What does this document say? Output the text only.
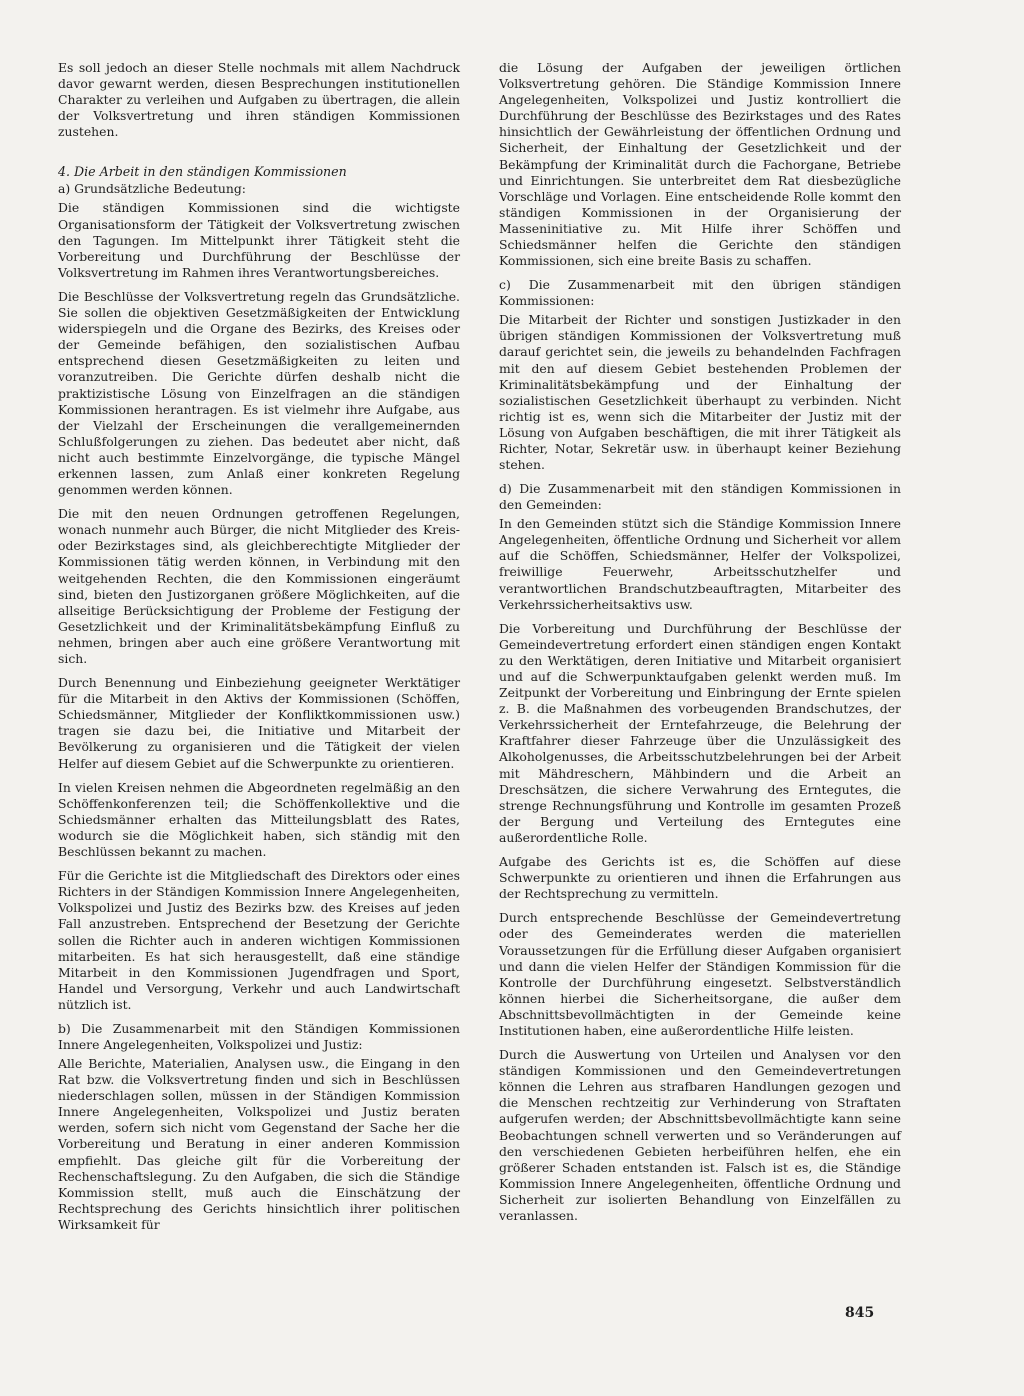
Es soll jedoch an dieser Stelle nochmals mit allem Nachdruck davor gewarnt werden, diesen Besprechungen institutionellen Charakter zu verleihen und Aufgaben zu übertragen, die allein der Volksvertretung und ihren ständigen Kommissionen zustehen.

4. Die Arbeit in den ständigen Kommissionen

a) Grundsätzliche Bedeutung:

Die ständigen Kommissionen sind die wichtigste Organisationsform der Tätigkeit der Volksvertretung zwischen den Tagungen. Im Mittelpunkt ihrer Tätigkeit steht die Vorbereitung und Durchführung der Beschlüsse der Volksvertretung im Rahmen ihres Verantwortungsbereiches.

Die Beschlüsse der Volksvertretung regeln das Grundsätzliche. Sie sollen die objektiven Gesetzmäßigkeiten der Entwicklung widerspiegeln und die Organe des Bezirks, des Kreises oder der Gemeinde befähigen, den sozialistischen Aufbau entsprechend diesen Gesetzmäßigkeiten zu leiten und voranzutreiben. Die Gerichte dürfen deshalb nicht die praktizistische Lösung von Einzelfragen an die ständigen Kommissionen herantragen. Es ist vielmehr ihre Aufgabe, aus der Vielzahl der Erscheinungen die verallgemeinernden Schlußfolgerungen zu ziehen. Das bedeutet aber nicht, daß nicht auch bestimmte Einzelvorgänge, die typische Mängel erkennen lassen, zum Anlaß einer konkreten Regelung genommen werden können.

Die mit den neuen Ordnungen getroffenen Regelungen, wonach nunmehr auch Bürger, die nicht Mitglieder des Kreis- oder Bezirkstages sind, als gleichberechtigte Mitglieder der Kommissionen tätig werden können, in Verbindung mit den weitgehenden Rechten, die den Kommissionen eingeräumt sind, bieten den Justizorganen größere Möglichkeiten, auf die allseitige Berücksichtigung der Probleme der Festigung der Gesetzlichkeit und der Kriminalitätsbekämpfung Einfluß zu nehmen, bringen aber auch eine größere Verantwortung mit sich.

Durch Benennung und Einbeziehung geeigneter Werktätiger für die Mitarbeit in den Aktivs der Kommissionen (Schöffen, Schiedsmänner, Mitglieder der Konfliktkommissionen usw.) tragen sie dazu bei, die Initiative und Mitarbeit der Bevölkerung zu organisieren und die Tätigkeit der vielen Helfer auf diesem Gebiet auf die Schwerpunkte zu orientieren.

In vielen Kreisen nehmen die Abgeordneten regelmäßig an den Schöffenkonferenzen teil; die Schöffenkollektive und die Schiedsmänner erhalten das Mitteilungsblatt des Rates, wodurch sie die Möglichkeit haben, sich ständig mit den Beschlüssen bekannt zu machen.

Für die Gerichte ist die Mitgliedschaft des Direktors oder eines Richters in der Ständigen Kommission Innere Angelegenheiten, Volkspolizei und Justiz des Bezirks bzw. des Kreises auf jeden Fall anzustreben. Entsprechend der Besetzung der Gerichte sollen die Richter auch in anderen wichtigen Kommissionen mitarbeiten. Es hat sich herausgestellt, daß eine ständige Mitarbeit in den Kommissionen Jugendfragen und Sport, Handel und Versorgung, Verkehr und auch Landwirtschaft nützlich ist.

b) Die Zusammenarbeit mit den Ständigen Kommissionen Innere Angelegenheiten, Volkspolizei und Justiz:

Alle Berichte, Materialien, Analysen usw., die Eingang in den Rat bzw. die Volksvertretung finden und sich in Beschlüssen niederschlagen sollen, müssen in der Ständigen Kommission Innere Angelegenheiten, Volkspolizei und Justiz beraten werden, sofern sich nicht vom Gegenstand der Sache her die Vorbereitung und Beratung in einer anderen Kommission empfiehlt. Das gleiche gilt für die Vorbereitung der Rechenschaftslegung. Zu den Aufgaben, die sich die Ständige Kommission stellt, muß auch die Einschätzung der Rechtsprechung des Gerichts hinsichtlich ihrer politischen Wirksamkeit für

die Lösung der Aufgaben der jeweiligen örtlichen Volksvertretung gehören. Die Ständige Kommission Innere Angelegenheiten, Volkspolizei und Justiz kontrolliert die Durchführung der Beschlüsse des Bezirkstages und des Rates hinsichtlich der Gewährleistung der öffentlichen Ordnung und Sicherheit, der Einhaltung der Gesetzlichkeit und der Bekämpfung der Kriminalität durch die Fachorgane, Betriebe und Einrichtungen. Sie unterbreitet dem Rat diesbezügliche Vorschläge und Vorlagen. Eine entscheidende Rolle kommt den ständigen Kommissionen in der Organisierung der Masseninitiative zu. Mit Hilfe ihrer Schöffen und Schiedsmänner helfen die Gerichte den ständigen Kommissionen, sich eine breite Basis zu schaffen.

c) Die Zusammenarbeit mit den übrigen ständigen Kommissionen:

Die Mitarbeit der Richter und sonstigen Justizkader in den übrigen ständigen Kommissionen der Volksvertretung muß darauf gerichtet sein, die jeweils zu behandelnden Fachfragen mit den auf diesem Gebiet bestehenden Problemen der Kriminalitätsbekämpfung und der Einhaltung der sozialistischen Gesetzlichkeit überhaupt zu verbinden. Nicht richtig ist es, wenn sich die Mitarbeiter der Justiz mit der Lösung von Aufgaben beschäftigen, die mit ihrer Tätigkeit als Richter, Notar, Sekretär usw. in überhaupt keiner Beziehung stehen.

d) Die Zusammenarbeit mit den ständigen Kommissionen in den Gemeinden:

In den Gemeinden stützt sich die Ständige Kommission Innere Angelegenheiten, öffentliche Ordnung und Sicherheit vor allem auf die Schöffen, Schiedsmänner, Helfer der Volkspolizei, freiwillige Feuerwehr, Arbeitsschutzhelfer und verantwortlichen Brandschutzbeauftragten, Mitarbeiter des Verkehrssicherheitsaktivs usw.

Die Vorbereitung und Durchführung der Beschlüsse der Gemeindevertretung erfordert einen ständigen engen Kontakt zu den Werktätigen, deren Initiative und Mitarbeit organisiert und auf die Schwerpunktaufgaben gelenkt werden muß. Im Zeitpunkt der Vorbereitung und Einbringung der Ernte spielen z. B. die Maßnahmen des vorbeugenden Brandschutzes, der Verkehrssicherheit der Erntefahrzeuge, die Belehrung der Kraftfahrer dieser Fahrzeuge über die Unzulässigkeit des Alkoholgenusses, die Arbeitsschutzbelehrungen bei der Arbeit mit Mähdreschern, Mähbindern und die Arbeit an Dreschsätzen, die sichere Verwahrung des Erntegutes, die strenge Rechnungsführung und Kontrolle im gesamten Prozeß der Bergung und Verteilung des Erntegutes eine außerordentliche Rolle.

Aufgabe des Gerichts ist es, die Schöffen auf diese Schwerpunkte zu orientieren und ihnen die Erfahrungen aus der Rechtsprechung zu vermitteln.

Durch entsprechende Beschlüsse der Gemeindevertretung oder des Gemeinderates werden die materiellen Voraussetzungen für die Erfüllung dieser Aufgaben organisiert und dann die vielen Helfer der Ständigen Kommission für die Kontrolle der Durchführung eingesetzt. Selbstverständlich können hierbei die Sicherheitsorgane, die außer dem Abschnittsbevollmächtigten in der Gemeinde keine Institutionen haben, eine außerordentliche Hilfe leisten.

Durch die Auswertung von Urteilen und Analysen vor den ständigen Kommissionen und den Gemeindevertretungen können die Lehren aus strafbaren Handlungen gezogen und die Menschen rechtzeitig zur Verhinderung von Straftaten aufgerufen werden; der Abschnittsbevollmächtigte kann seine Beobachtungen schnell verwerten und so Veränderungen auf den verschiedenen Gebieten herbeiführen helfen, ehe ein größerer Schaden entstanden ist. Falsch ist es, die Ständige Kommission Innere Angelegenheiten, öffentliche Ordnung und Sicherheit zur isolierten Behandlung von Einzelfällen zu veranlassen.

845
